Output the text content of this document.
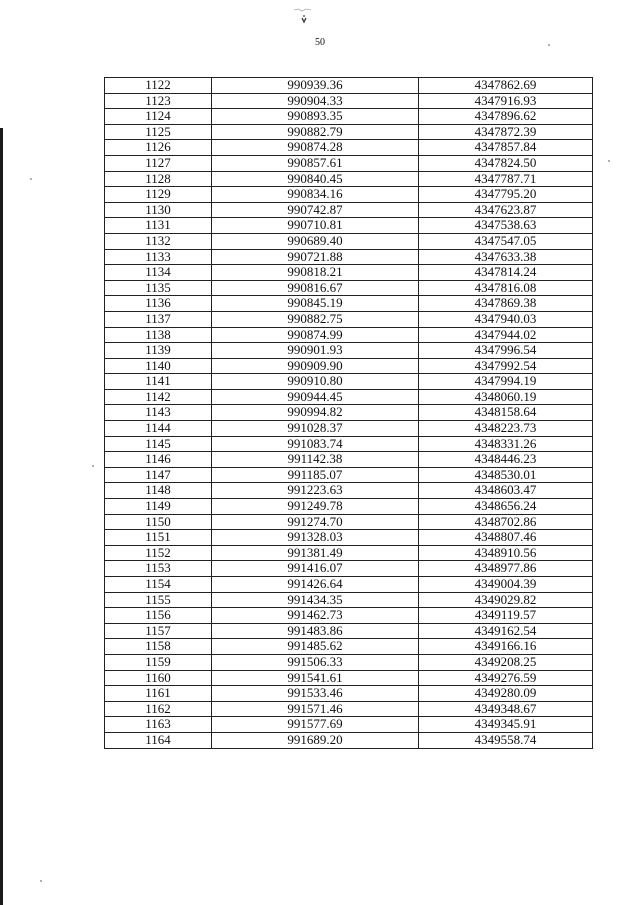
50
1122	990939.36	4347862.69
1123	990904.33	4347916.93
1124	990893.35	4347896.62
1125	990882.79	4347872.39
1126	990874.28	4347857.84
1127	990857.61	4347824.50
1128	990840.45	4347787.71
1129	990834.16	4347795.20
1130	990742.87	4347623.87
1131	990710.81	4347538.63
1132	990689.40	4347547.05
1133	990721.88	4347633.38
1134	990818.21	4347814.24
1135	990816.67	4347816.08
1136	990845.19	4347869.38
1137	990882.75	4347940.03
1138	990874.99	4347944.02
1139	990901.93	4347996.54
1140	990909.90	4347992.54
1141	990910.80	4347994.19
1142	990944.45	4348060.19
1143	990994.82	4348158.64
1144	991028.37	4348223.73
1145	991083.74	4348331.26
1146	991142.38	4348446.23
1147	991185.07	4348530.01
1148	991223.63	4348603.47
1149	991249.78	4348656.24
1150	991274.70	4348702.86
1151	991328.03	4348807.46
1152	991381.49	4348910.56
1153	991416.07	4348977.86
1154	991426.64	4349004.39
1155	991434.35	4349029.82
1156	991462.73	4349119.57
1157	991483.86	4349162.54
1158	991485.62	4349166.16
1159	991506.33	4349208.25
1160	991541.61	4349276.59
1161	991533.46	4349280.09
1162	991571.46	4349348.67
1163	991577.69	4349345.91
1164	991689.20	4349558.74
